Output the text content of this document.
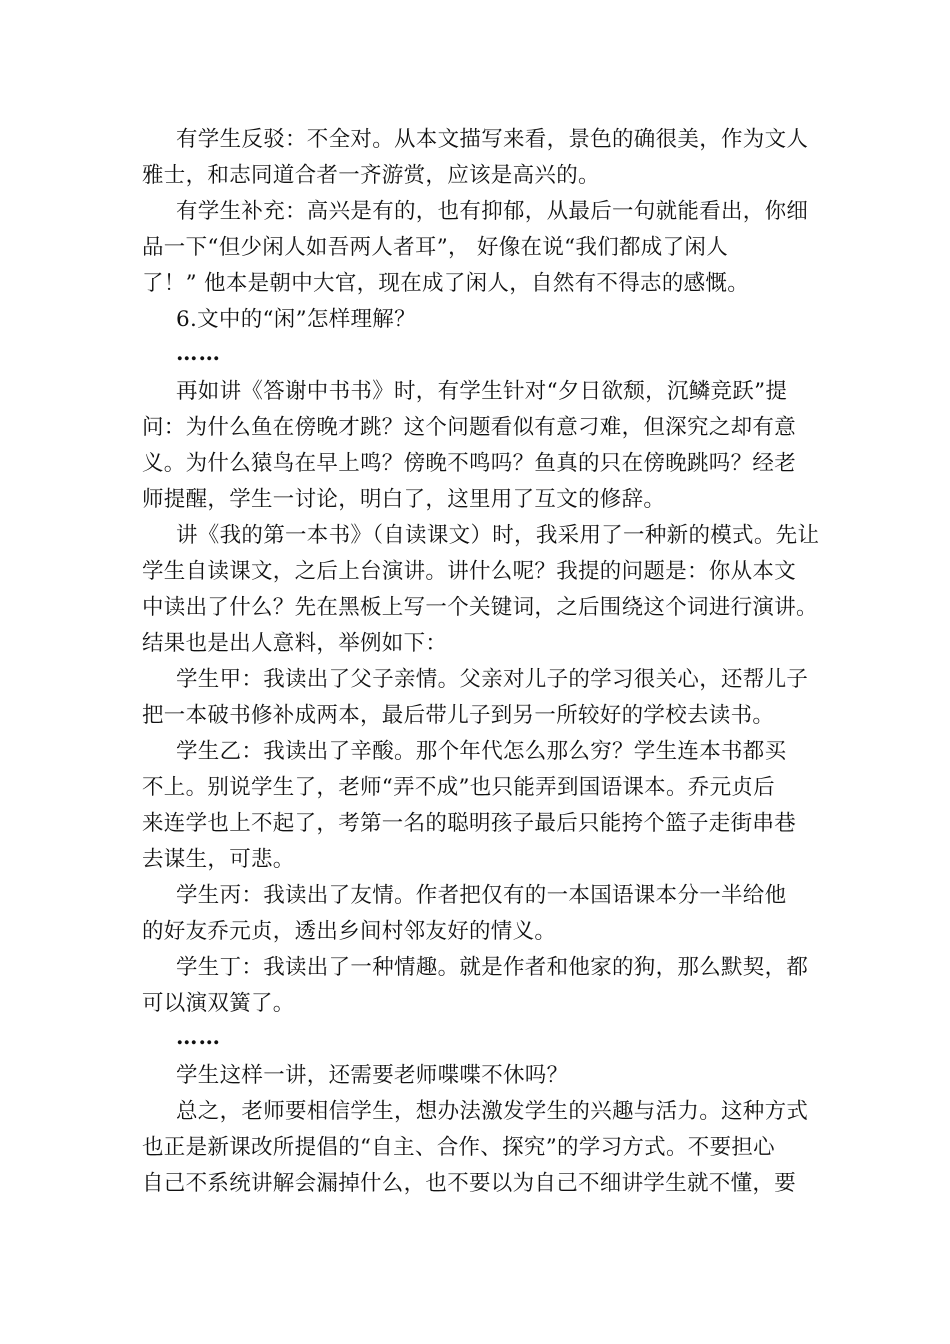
有学生反驳：不全对。从本文描写来看，景色的确很美，作为文人
雅士，和志同道合者一齐游赏，应该是高兴的。
有学生补充：高兴是有的，也有抑郁，从最后一句就能看出，你细
品一下“但少闲人如吾两人者耳”， 好像在说“我们都成了闲人
了！” 他本是朝中大官，现在成了闲人，自然有不得志的感慨。
6.文中的“闲”怎样理解？
……
再如讲《答谢中书书》时，有学生针对“夕日欲颓，沉鳞竞跃”提
问：为什么鱼在傍晚才跳？这个问题看似有意刁难，但深究之却有意
义。为什么猿鸟在早上鸣？傍晚不鸣吗？鱼真的只在傍晚跳吗？经老
师提醒，学生一讨论，明白了，这里用了互文的修辞。
讲《我的第一本书》（自读课文）时，我采用了一种新的模式。先让
学生自读课文，之后上台演讲。讲什么呢？我提的问题是：你从本文
中读出了什么？先在黑板上写一个关键词，之后围绕这个词进行演讲。
结果也是出人意料，举例如下：
学生甲：我读出了父子亲情。父亲对儿子的学习很关心，还帮儿子
把一本破书修补成两本，最后带儿子到另一所较好的学校去读书。
学生乙：我读出了辛酸。那个年代怎么那么穷？学生连本书都买
不上。别说学生了，老师“弄不成”也只能弄到国语课本。乔元贞后
来连学也上不起了，考第一名的聪明孩子最后只能挎个篮子走街串巷
去谋生，可悲。
学生丙：我读出了友情。作者把仅有的一本国语课本分一半给他
的好友乔元贞，透出乡间村邻友好的情义。
学生丁：我读出了一种情趣。就是作者和他家的狗，那么默契，都
可以演双簧了。
……
学生这样一讲，还需要老师喋喋不休吗？
总之，老师要相信学生，想办法激发学生的兴趣与活力。这种方式
也正是新课改所提倡的“自主、合作、探究”的学习方式。不要担心
自己不系统讲解会漏掉什么，也不要以为自己不细讲学生就不懂，要
